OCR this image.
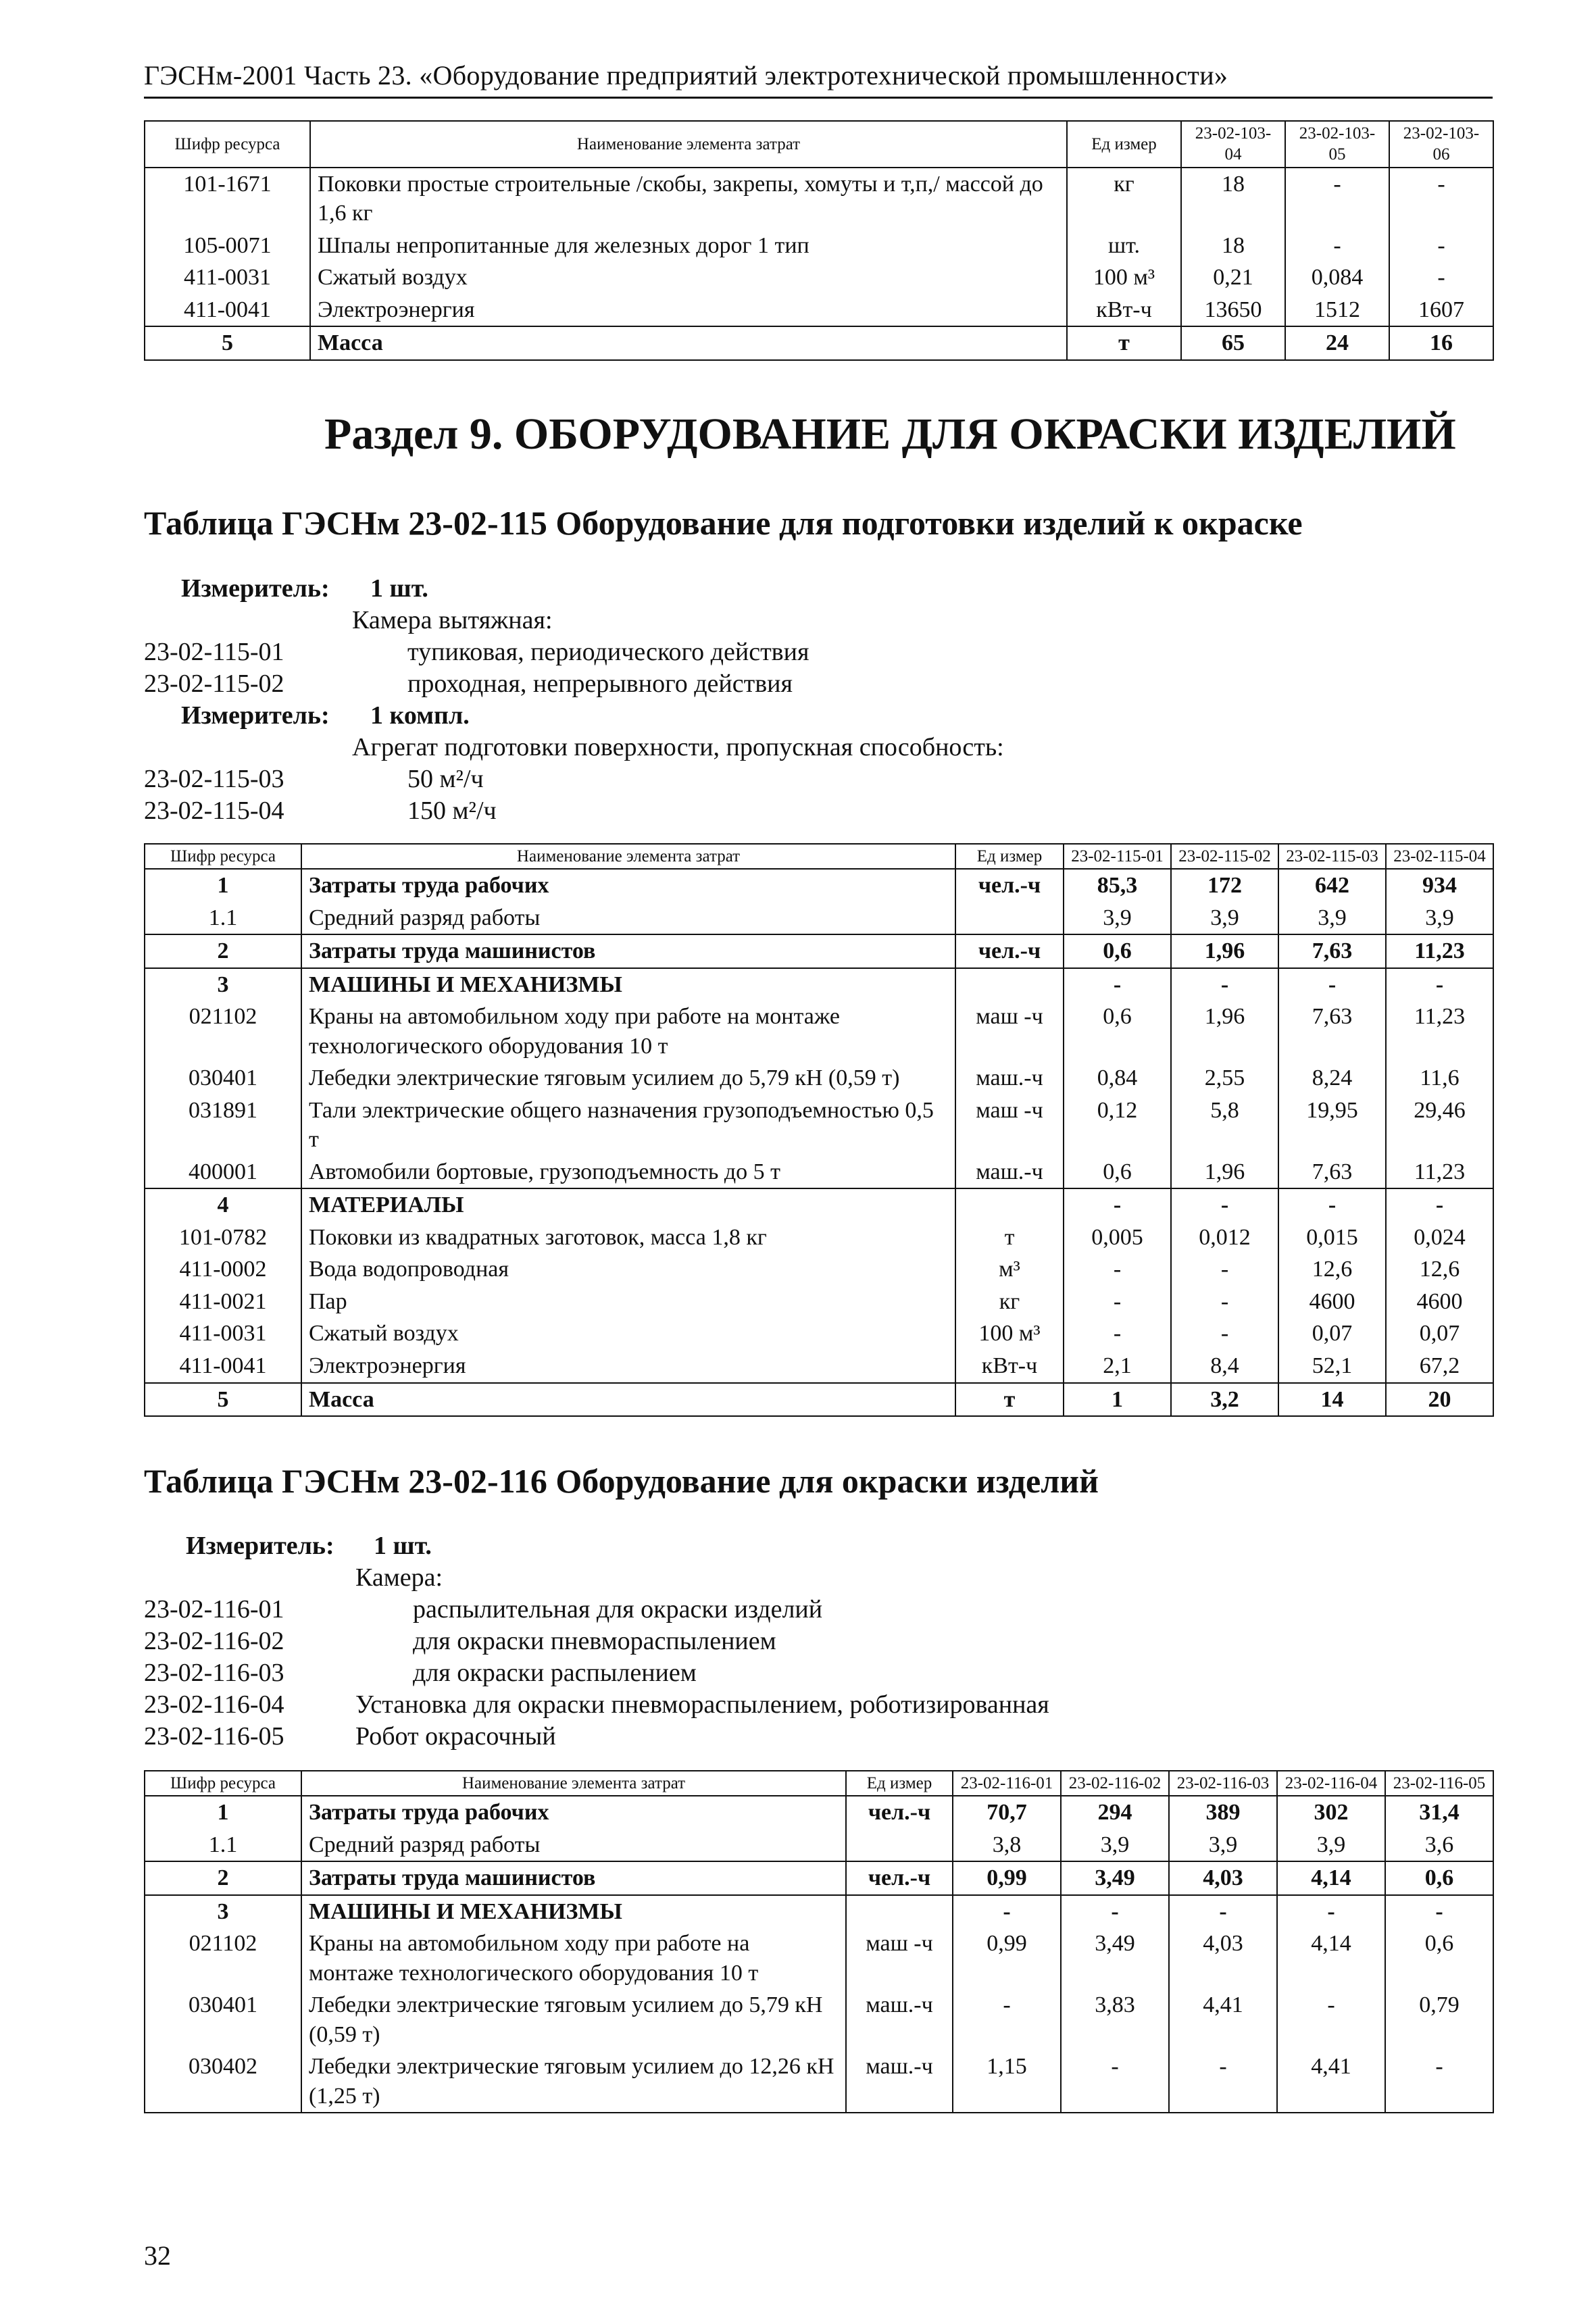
ГЭСНм-2001 Часть 23. «Оборудование предприятий электротехнической промышленности»
Шифр ресурса	Наименование элемента затрат	Ед измер	23-02-103-04	23-02-103-05	23-02-103-06
101-1671	Поковки простые строительные /скобы, закрепы, хомуты и т,п,/ массой до 1,6 кг	кг	18	-	-
105-0071	Шпалы непропитанные для железных дорог 1 тип	шт.	18	-	-
411-0031	Сжатый воздух	100 м³	0,21	0,084	-
411-0041	Электроэнергия	кВт-ч	13650	1512	1607
5	Масса	т	65	24	16
Раздел 9. ОБОРУДОВАНИЕ ДЛЯ ОКРАСКИ ИЗДЕЛИЙ
Таблица ГЭСНм 23-02-115 Оборудование для подготовки изделий к окраске
Измеритель: 1 шт.
Камера вытяжная:
23-02-115-01	тупиковая, периодического действия
23-02-115-02	проходная, непрерывного действия
Измеритель: 1 компл.
Агрегат подготовки поверхности, пропускная способность:
23-02-115-03	50 м²/ч
23-02-115-04	150 м²/ч
Шифр ресурса	Наименование элемента затрат	Ед измер	23-02-115-01	23-02-115-02	23-02-115-03	23-02-115-04
1	Затраты труда рабочих	чел.-ч	85,3	172	642	934
1.1	Средний разряд работы		3,9	3,9	3,9	3,9
2	Затраты труда машинистов	чел.-ч	0,6	1,96	7,63	11,23
3	МАШИНЫ И МЕХАНИЗМЫ		-	-	-	-
021102	Краны на автомобильном ходу при работе на монтаже технологического оборудования 10 т	маш -ч	0,6	1,96	7,63	11,23
030401	Лебедки электрические тяговым усилием до 5,79 кН (0,59 т)	маш.-ч	0,84	2,55	8,24	11,6
031891	Тали электрические общего назначения грузоподъемностью 0,5 т	маш -ч	0,12	5,8	19,95	29,46
400001	Автомобили бортовые, грузоподъемность до 5 т	маш.-ч	0,6	1,96	7,63	11,23
4	МАТЕРИАЛЫ		-	-	-	-
101-0782	Поковки из квадратных заготовок, масса 1,8 кг	т	0,005	0,012	0,015	0,024
411-0002	Вода водопроводная	м³	-	-	12,6	12,6
411-0021	Пар	кг	-	-	4600	4600
411-0031	Сжатый воздух	100 м³	-	-	0,07	0,07
411-0041	Электроэнергия	кВт-ч	2,1	8,4	52,1	67,2
5	Масса	т	1	3,2	14	20
Таблица ГЭСНм 23-02-116 Оборудование для окраски изделий
Измеритель: 1 шт.
Камера:
23-02-116-01	распылительная для окраски изделий
23-02-116-02	для окраски пневмораспылением
23-02-116-03	для окраски распылением
23-02-116-04	Установка для окраски пневмораспылением, роботизированная
23-02-116-05	Робот окрасочный
Шифр ресурса	Наименование элемента затрат	Ед измер	23-02-116-01	23-02-116-02	23-02-116-03	23-02-116-04	23-02-116-05
1	Затраты труда рабочих	чел.-ч	70,7	294	389	302	31,4
1.1	Средний разряд работы		3,8	3,9	3,9	3,9	3,6
2	Затраты труда машинистов	чел.-ч	0,99	3,49	4,03	4,14	0,6
3	МАШИНЫ И МЕХАНИЗМЫ		-	-	-	-	-
021102	Краны на автомобильном ходу при работе на монтаже технологического оборудования 10 т	маш -ч	0,99	3,49	4,03	4,14	0,6
030401	Лебедки электрические тяговым усилием до 5,79 кН (0,59 т)	маш.-ч	-	3,83	4,41	-	0,79
030402	Лебедки электрические тяговым усилием до 12,26 кН (1,25 т)	маш.-ч	1,15	-	-	4,41	-
32
